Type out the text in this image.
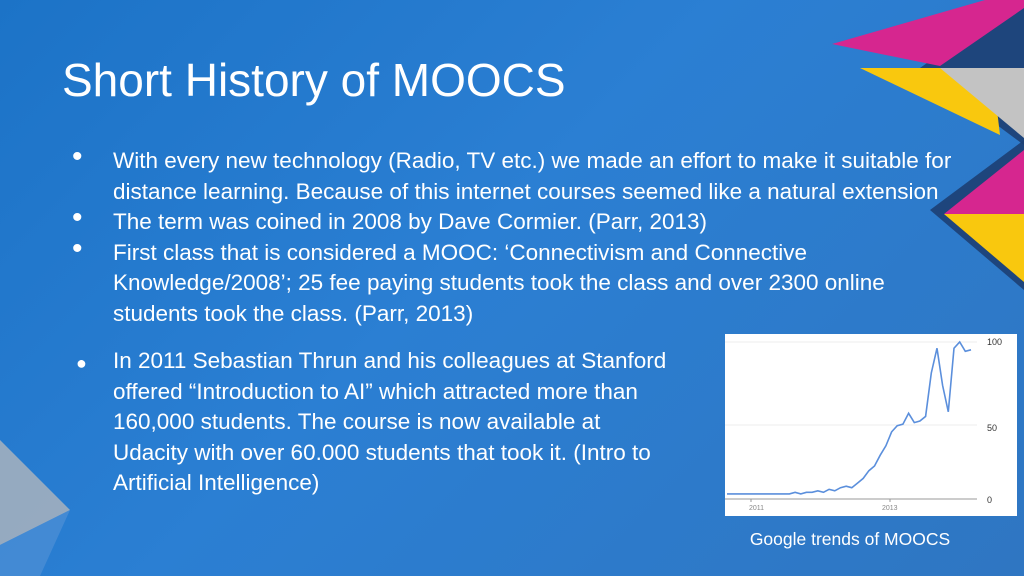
Short History of MOOCS
• With every new technology (Radio, TV etc.) we made an effort to make it suitable for distance learning. Because of this internet courses seemed like a natural extension
• The term was coined in 2008 by Dave Cormier. (Parr, 2013)
• First class that is considered a MOOC: ‘Connectivism and Connective Knowledge/2008’; 25 fee paying students took the class and over 2300 online students took the class. (Parr, 2013)
● In 2011 Sebastian Thrun and his colleagues at Stanford offered “Introduction to AI” which attracted more than 160,000 students. The course is now available at Udacity with over 60.000 students that took it. (Intro to Artificial Intelligence)
2011	2013
100
50
0
Google trends of MOOCS
